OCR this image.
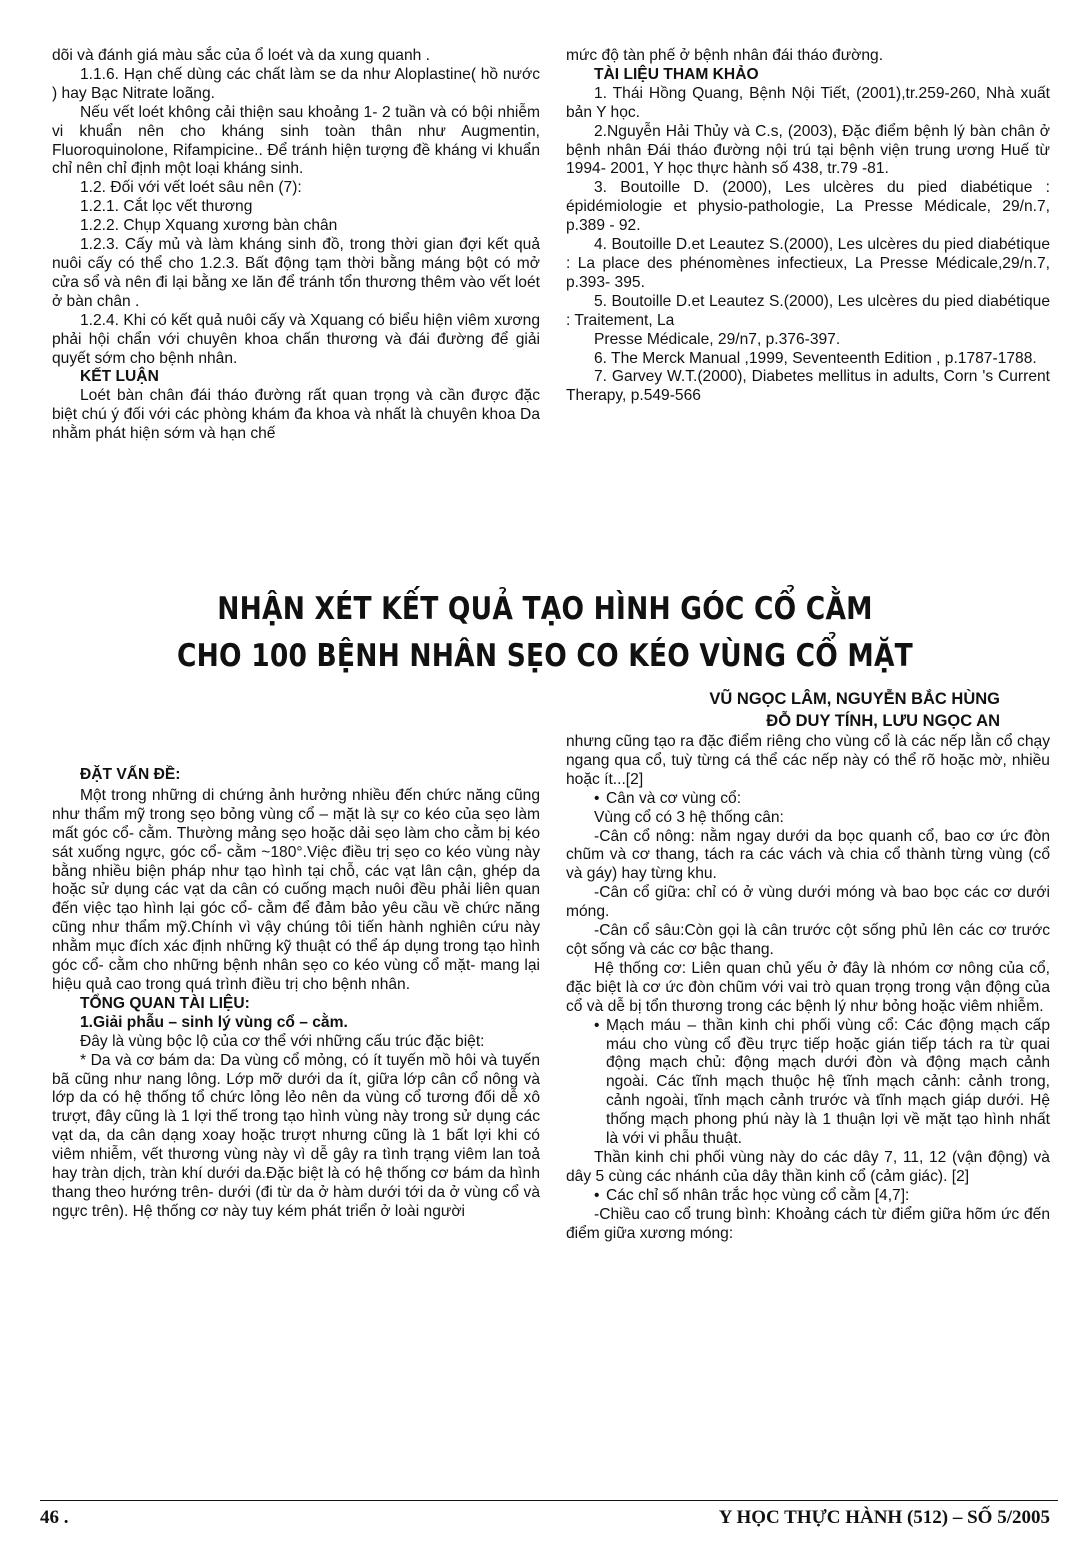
dõi và đánh giá màu sắc của ổ loét và da xung quanh .

1.1.6. Hạn chế dùng các chất làm se da như Aloplastine( hồ nước ) hay Bạc Nitrate loãng.

Nếu vết loét không cải thiện sau khoảng 1- 2 tuần và có bội nhiễm vi khuẩn nên cho kháng sinh toàn thân như Augmentin, Fluoroquinolone, Rifampicine.. Để tránh hiện tượng đề kháng vi khuẩn chỉ nên chỉ định một loại kháng sinh.

1.2. Đối với vết loét sâu nên (7):

1.2.1. Cắt lọc vết thương

1.2.2. Chụp Xquang xương bàn chân

1.2.3. Cấy mủ và làm kháng sinh đồ, trong thời gian đợi kết quả nuôi cấy có thể cho 1.2.3. Bất động tạm thời bằng máng bột có mở cửa sổ và nên đi lại bằng xe lăn để tránh tổn thương thêm vào vết loét ở bàn chân .

1.2.4. Khi có kết quả nuôi cấy và Xquang có biểu hiện viêm xương phải hội chẩn với chuyên khoa chấn thương và đái đường để giải quyết sớm cho bệnh nhân.

KẾT LUẬN

Loét bàn chân đái tháo đường rất quan trọng và cần được đặc biệt chú ý đối với các phòng khám đa khoa và nhất là chuyên khoa Da nhằm phát hiện sớm và hạn chế

mức độ tàn phế ở bệnh nhân đái tháo đường.

TÀI LIỆU THAM KHẢO

1. Thái Hồng Quang, Bệnh Nội Tiết, (2001),tr.259-260, Nhà xuất bản Y học.

2.Nguyễn Hải Thủy và C.s, (2003), Đặc điểm bệnh lý bàn chân ở bệnh nhân Đái tháo đường nội trú tại bệnh viện trung ương Huế từ 1994- 2001, Y học thực hành số 438, tr.79 -81.

3. Boutoille D. (2000), Les ulcères du pied diabétique : épidémiologie et physio-pathologie, La Presse Médicale, 29/n.7, p.389 - 92.

4. Boutoille D.et Leautez S.(2000), Les ulcères du pied diabétique : La place des phénomènes infectieux, La Presse Médicale,29/n.7, p.393- 395.

5. Boutoille D.et Leautez S.(2000), Les ulcères du pied diabétique : Traitement, La

Presse Médicale, 29/n7, p.376-397.

6. The Merck Manual ,1999, Seventeenth Edition , p.1787-1788.

7. Garvey W.T.(2000), Diabetes mellitus in adults, Corn 's Current Therapy, p.549-566

NHẬN XÉT KẾT QUẢ TẠO HÌNH GÓC CỔ CẰM
CHO 100 BỆNH NHÂN SẸO CO KÉO VÙNG CỔ MẶT
VŨ NGỌC LÂM, NGUYỄN BẮC HÙNG
ĐỖ DUY TÍNH, LƯU NGỌC AN

ĐẶT VẤN ĐỀ:

Một trong những di chứng ảnh hưởng nhiều đến chức năng cũng như thẩm mỹ trong sẹo bỏng vùng cổ – mặt là sự co kéo của sẹo làm mất góc cổ- cằm. Thường mảng sẹo hoặc dải sẹo làm cho cằm bị kéo sát xuống ngực, góc cổ- cằm ~180°.Việc điều trị sẹo co kéo vùng này bằng nhiều biện pháp như tạo hình tại chỗ, các vạt lân cận, ghép da hoặc sử dụng các vạt da cân có cuống mạch nuôi đều phải liên quan đến việc tạo hình lại góc cổ- cằm để đảm bảo yêu cầu về chức năng cũng như thẩm mỹ.Chính vì vậy chúng tôi tiến hành nghiên cứu này nhằm mục đích xác định những kỹ thuật có thể áp dụng trong tạo hình góc cổ- cằm cho những bệnh nhân sẹo co kéo vùng cổ mặt- mang lại hiệu quả cao trong quá trình điều trị cho bệnh nhân.

TỔNG QUAN TÀI LIỆU:

1.Giải phẫu – sinh lý vùng cổ – cằm.

Đây là vùng bộc lộ của cơ thể với những cấu trúc đặc biệt:

* Da và cơ bám da: Da vùng cổ mỏng, có ít tuyến mồ hôi và tuyến bã cũng như nang lông. Lớp mỡ dưới da ít, giữa lớp cân cổ nông và lớp da có hệ thống tổ chức lỏng lẻo nên da vùng cổ tương đối dễ xô trượt, đây cũng là 1 lợi thế trong tạo hình vùng này trong sử dụng các vạt da, da cân dạng xoay hoặc trượt nhưng cũng là 1 bất lợi khi có viêm nhiễm, vết thương vùng này vì dễ gây ra tình trạng viêm lan toả hay tràn dịch, tràn khí dưới da.Đặc biệt là có hệ thống cơ bám da hình thang theo hướng trên- dưới (đi từ da ở hàm dưới tới da ở vùng cổ và ngực trên). Hệ thống cơ này tuy kém phát triển ở loài người

nhưng cũng tạo ra đặc điểm riêng cho vùng cổ là các nếp lằn cổ chạy ngang qua cổ, tuỳ từng cá thể các nếp này có thể rõ hoặc mờ, nhiều hoặc ít...[2]

• Cân và cơ vùng cổ:

Vùng cổ có 3 hệ thống cân:

-Cân cổ nông: nằm ngay dưới da bọc quanh cổ, bao cơ ức đòn chũm và cơ thang, tách ra các vách và chia cổ thành từng vùng (cổ và gáy) hay từng khu.

-Cân cổ giữa: chỉ có ở vùng dưới móng và bao bọc các cơ dưới móng.

-Cân cổ sâu:Còn gọi là cân trước cột sống phủ lên các cơ trước cột sống và các cơ bậc thang.

Hệ thống cơ: Liên quan chủ yếu ở đây là nhóm cơ nông của cổ, đặc biệt là cơ ức đòn chũm với vai trò quan trọng trong vận động của cổ và dễ bị tổn thương trong các bệnh lý như bỏng hoặc viêm nhiễm.

• Mạch máu – thần kinh chi phối vùng cổ: Các động mạch cấp máu cho vùng cổ đều trực tiếp hoặc gián tiếp tách ra từ quai động mạch chủ: động mạch dưới đòn và động mạch cảnh ngoài. Các tĩnh mạch thuộc hệ tĩnh mạch cảnh: cảnh trong, cảnh ngoài, tĩnh mạch cảnh trước và tĩnh mạch giáp dưới. Hệ thống mạch phong phú này là 1 thuận lợi về mặt tạo hình nhất là với vi phẫu thuật.

Thần kinh chi phối vùng này do các dây 7, 11, 12 (vận động) và dây 5 cùng các nhánh của dây thần kinh cổ (cảm giác). [2]

• Các chỉ số nhân trắc học vùng cổ cằm [4,7]:

-Chiều cao cổ trung bình: Khoảng cách từ điểm giữa hõm ức đến điểm giữa xương móng:

46 .	Y HỌC THỰC HÀNH (512) – SỐ 5/2005
